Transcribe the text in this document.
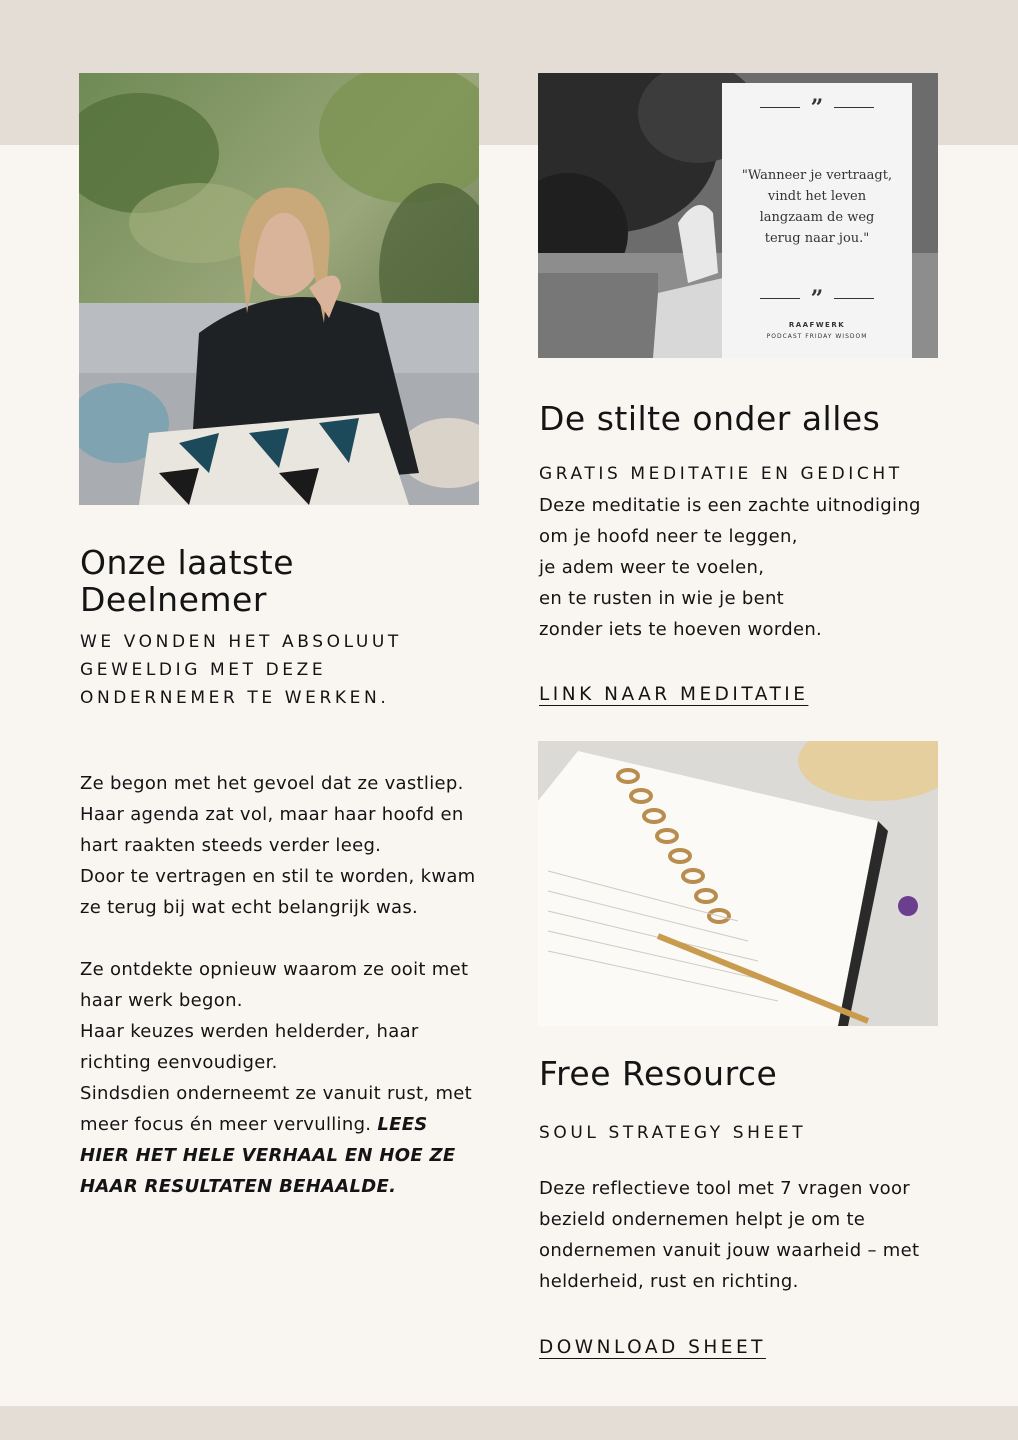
”

"Wanneer je vertraagt,
vindt het leven
langzaam de weg
terug naar jou."

”
RAAFWERK
PODCAST FRIDAY WISDOM
Onze laatste
Deelnemer

WE VONDEN HET ABSOLUUT GEWELDIG MET DEZE ONDERNEMER TE WERKEN.

Ze begon met het gevoel dat ze vastliep.
Haar agenda zat vol, maar haar hoofd en hart raakten steeds verder leeg.
Door te vertragen en stil te worden, kwam ze terug bij wat echt belangrijk was.

Ze ontdekte opnieuw waarom ze ooit met haar werk begon.
Haar keuzes werden helderder, haar richting eenvoudiger.
Sindsdien onderneemt ze vanuit rust, met meer focus én meer vervulling. LEES HIER HET HELE VERHAAL EN HOE ZE HAAR RESULTATEN BEHAALDE.

De stilte onder alles

GRATIS MEDITATIE EN GEDICHT

Deze meditatie is een zachte uitnodiging
om je hoofd neer te leggen,
je adem weer te voelen,
en te rusten in wie je bent
zonder iets te hoeven worden.

LINK NAAR MEDITATIE
Free Resource

SOUL STRATEGY SHEET

Deze reflectieve tool met 7 vragen voor bezield ondernemen helpt je om te ondernemen vanuit jouw waarheid – met helderheid, rust en richting.

DOWNLOAD SHEET
